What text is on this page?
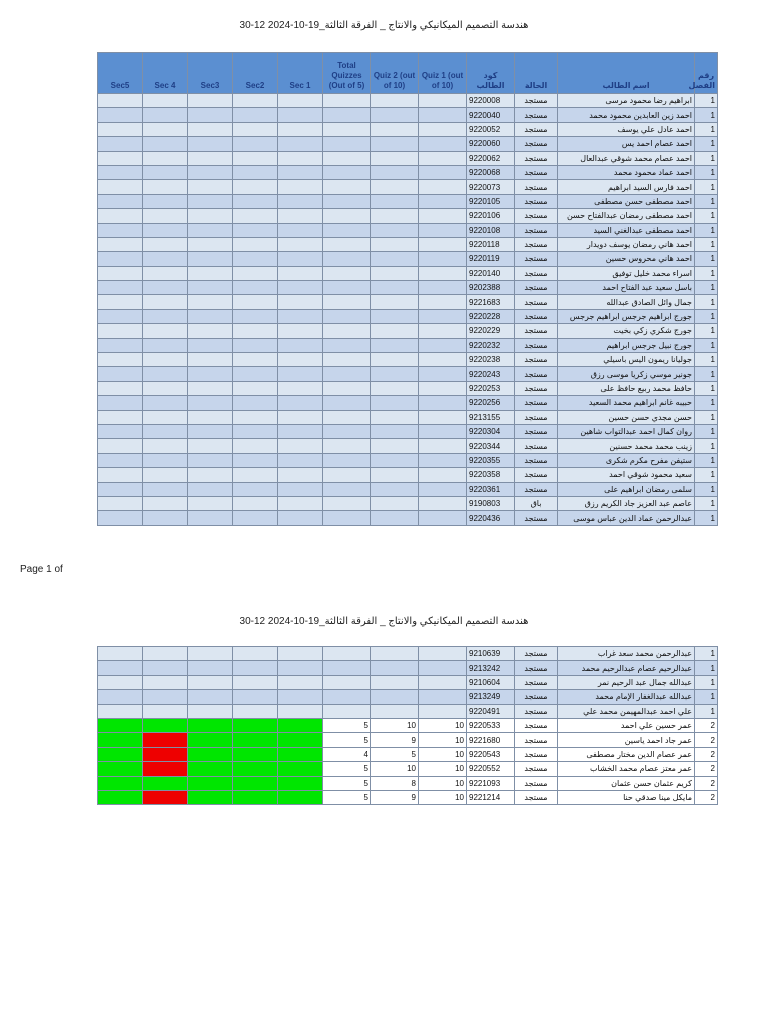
هندسة التصميم الميكانيكي والانتاج _ الفرقة الثالثة_19-10-2024 12-30
Sec5	Sec 4	Sec3	Sec2	Sec 1	Total Quizzes (Out of 5)	Quiz 2 (out of 10)	Quiz 1 (out of 10)	كود الطالب	الحالة	اسم الطالب	رقم الفصل
								9220008	مستجد	ابراهيم رضا محمود مرسى	1
								9220040	مستجد	احمد زين العابدين محمود محمد	1
								9220052	مستجد	احمد عادل علي يوسف	1
								9220060	مستجد	احمد عصام احمد يس	1
								9220062	مستجد	احمد عصام محمد شوقي عبدالعال	1
								9220068	مستجد	احمد عماد محمود محمد	1
								9220073	مستجد	احمد فارس السيد ابراهيم	1
								9220105	مستجد	احمد مصطفى حسن مصطفى	1
								9220106	مستجد	احمد مصطفى رمضان عبدالفتاح حسن	1
								9220108	مستجد	احمد مصطفى عبدالغني السيد	1
								9220118	مستجد	احمد هاني رمضان يوسف دويدار	1
								9220119	مستجد	احمد هاني محروس حسين	1
								9220140	مستجد	اسراء محمد خليل توفيق	1
								9202388	مستجد	باسل سعيد عبد الفتاح احمد	1
								9221683	مستجد	جمال وائل الصادق عبدالله	1
								9220228	مستجد	جورج ابراهيم جرجس ابراهيم جرجس	1
								9220229	مستجد	جورج شكري زكي بخيت	1
								9220232	مستجد	جورج نبيل جرجس ابراهيم	1
								9220238	مستجد	جوليانا ريمون اليس باسيلي	1
								9220243	مستجد	جونير موسي زكريا موسى رزق	1
								9220253	مستجد	حافظ محمد ربيع حافظ على	1
								9220256	مستجد	حبيبه غانم ابراهيم محمد السعيد	1
								9213155	مستجد	حسن مجدي حسن حسين	1
								9220304	مستجد	روان كمال احمد عبدالتواب شاهين	1
								9220344	مستجد	زينب محمد محمد حسنين	1
								9220355	مستجد	ستيفن مفرح مكرم شكرى	1
								9220358	مستجد	سعيد محمود شوقي احمد	1
								9220361	مستجد	سلمى رمضان ابراهيم على	1
								9190803	باق	عاصم عبد العزيز جاد الكريم رزق	1
								9220436	مستجد	عبدالرحمن عماد الدين عباس موسى	1
Page 1 of
هندسة التصميم الميكانيكي والانتاج _ الفرقة الثالثة_19-10-2024 12-30
								9210639	مستجد	عبدالرحمن محمد سعد غراب	1
								9213242	مستجد	عبدالرحيم عصام عبدالرحيم محمد	1
								9210604	مستجد	عبدالله جمال عبد الرحيم نمر	1
								9213249	مستجد	عبدالله عبدالغفار الإمام محمد	1
								9220491	مستجد	علي احمد عبدالمهيمن محمد علي	1
					5	10	10	9220533	مستجد	عمر حسين علي احمد	2
					5	9	10	9221680	مستجد	عمر جاد احمد ياسين	2
					4	5	10	9220543	مستجد	عمر عصام الدين مختار مصطفى	2
					5	10	10	9220552	مستجد	عمر معتز عصام محمد الخشاب	2
					5	8	10	9221093	مستجد	كريم عثمان حسن عثمان	2
					5	9	10	9221214	مستجد	مايكل مينا صدقي حنا	2
